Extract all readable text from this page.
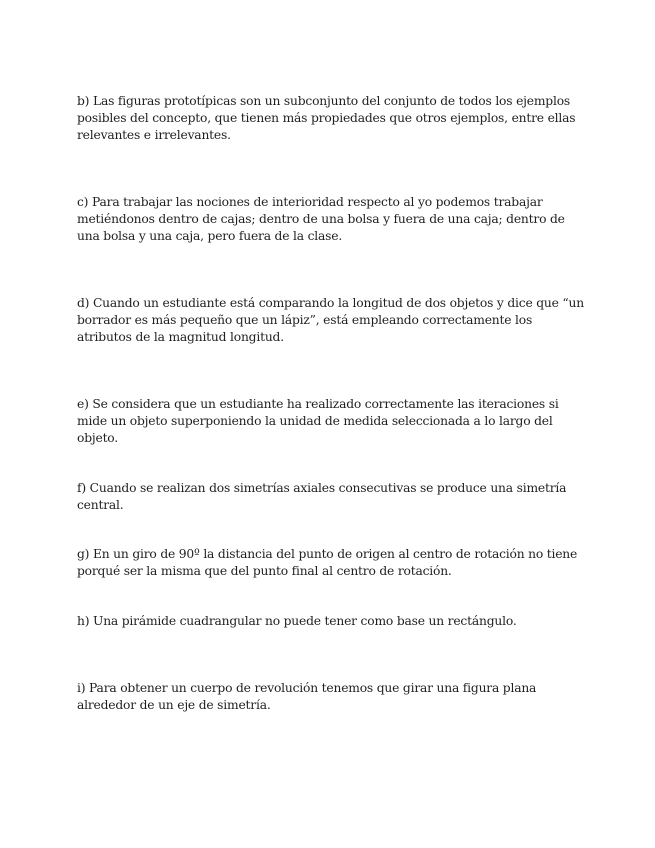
b) Las figuras prototípicas son un subconjunto del conjunto de todos los ejemplos posibles del concepto, que tienen más propiedades que otros ejemplos, entre ellas relevantes e irrelevantes.

c) Para trabajar las nociones de interioridad respecto al yo podemos trabajar metiéndonos dentro de cajas; dentro de una bolsa y fuera de una caja; dentro de una bolsa y una caja, pero fuera de la clase.

d) Cuando un estudiante está comparando la longitud de dos objetos y dice que “un borrador es más pequeño que un lápiz”, está empleando correctamente los atributos de la magnitud longitud.

e) Se considera que un estudiante ha realizado correctamente las iteraciones si mide un objeto superponiendo la unidad de medida seleccionada a lo largo del objeto.

f) Cuando se realizan dos simetrías axiales consecutivas se produce una simetría central.

g) En un giro de 90º la distancia del punto de origen al centro de rotación no tiene porqué ser la misma que del punto final al centro de rotación.

h) Una pirámide cuadrangular no puede tener como base un rectángulo.

i) Para obtener un cuerpo de revolución tenemos que girar una figura plana alrededor de un eje de simetría.
